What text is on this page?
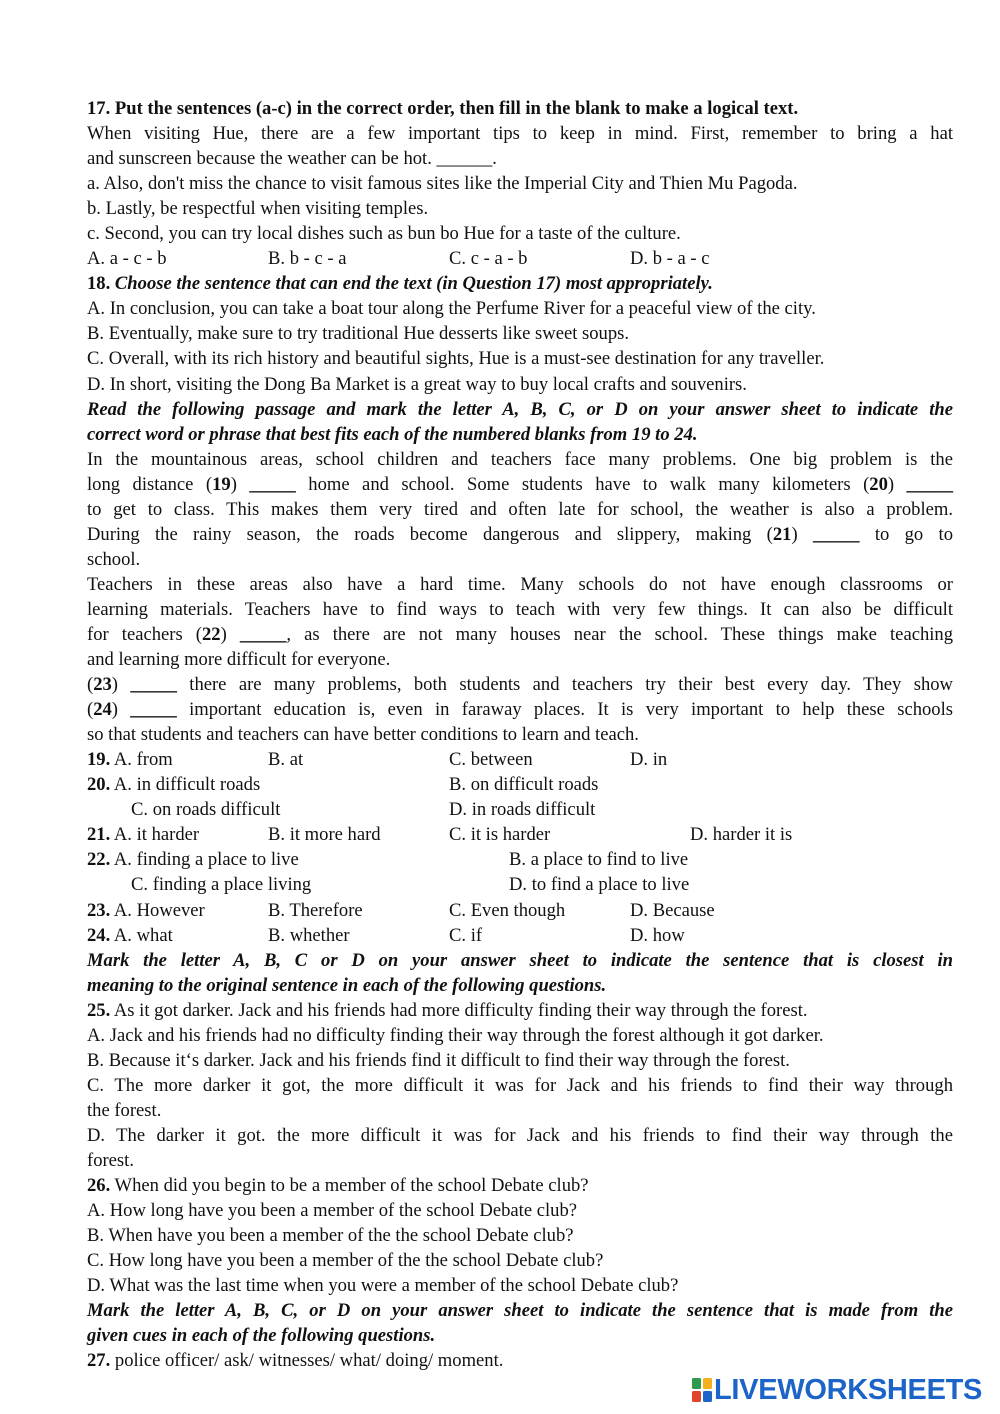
17. Put the sentences (a-c) in the correct order, then fill in the blank to make a logical text.
When visiting Hue, there are a few important tips to keep in mind. First, remember to bring a hat
and sunscreen because the weather can be hot. ______.
a. Also, don't miss the chance to visit famous sites like the Imperial City and Thien Mu Pagoda.
b. Lastly, be respectful when visiting temples.
c. Second, you can try local dishes such as bun bo Hue for a taste of the culture.
A. a - c - b	B. b - c - a	C. c - a - b	D. b - a - c
18. Choose the sentence that can end the text (in Question 17) most appropriately.
A. In conclusion, you can take a boat tour along the Perfume River for a peaceful view of the city.
B. Eventually, make sure to try traditional Hue desserts like sweet soups.
C. Overall, with its rich history and beautiful sights, Hue is a must-see destination for any traveller.
D. In short, visiting the Dong Ba Market is a great way to buy local crafts and souvenirs.
Read the following passage and mark the letter A, B, C, or D on your answer sheet to indicate the
correct word or phrase that best fits each of the numbered blanks from 19 to 24.
In the mountainous areas, school children and teachers face many problems. One big problem is the
long distance (19) _____ home and school. Some students have to walk many kilometers (20) _____
to get to class. This makes them very tired and often late for school, the weather is also a problem.
During the rainy season, the roads become dangerous and slippery, making (21) _____ to go to
school.
Teachers in these areas also have a hard time. Many schools do not have enough classrooms or
learning materials. Teachers have to find ways to teach with very few things. It can also be difficult
for teachers (22) _____, as there are not many houses near the school. These things make teaching
and learning more difficult for everyone.
(23) _____ there are many problems, both students and teachers try their best every day. They show
(24) _____ important education is, even in faraway places. It is very important to help these schools
so that students and teachers can have better conditions to learn and teach.
19. A. from	B. at	C. between	D. in
20. A. in difficult roads	B. on difficult roads
C. on roads difficult	D. in roads difficult
21. A. it harder	B. it more hard	C. it is harder	D. harder it is
22. A. finding a place to live	B. a place to find to live
C. finding a place living	D. to find a place to live
23. A. However	B. Therefore	C. Even though	D. Because
24. A. what	B. whether	C. if	D. how
Mark the letter A, B, C or D on your answer sheet to indicate the sentence that is closest in
meaning to the original sentence in each of the following questions.
25. As it got darker. Jack and his friends had more difficulty finding their way through the forest.
A. Jack and his friends had no difficulty finding their way through the forest although it got darker.
B. Because it‘s darker. Jack and his friends find it difficult to find their way through the forest.
C. The more darker it got, the more difficult it was for Jack and his friends to find their way through
the forest.
D. The darker it got. the more difficult it was for Jack and his friends to find their way through the
forest.
26. When did you begin to be a member of the school Debate club?
A. How long have you been a member of the school Debate club?
B. When have you been a member of the the school Debate club?
C. How long have you been a member of the the school Debate club?
D. What was the last time when you were a member of the school Debate club?
Mark the letter A, B, C, or D on your answer sheet to indicate the sentence that is made from the
given cues in each of the following questions.
27. police officer/ ask/ witnesses/ what/ doing/ moment.
LIVEWORKSHEETS
